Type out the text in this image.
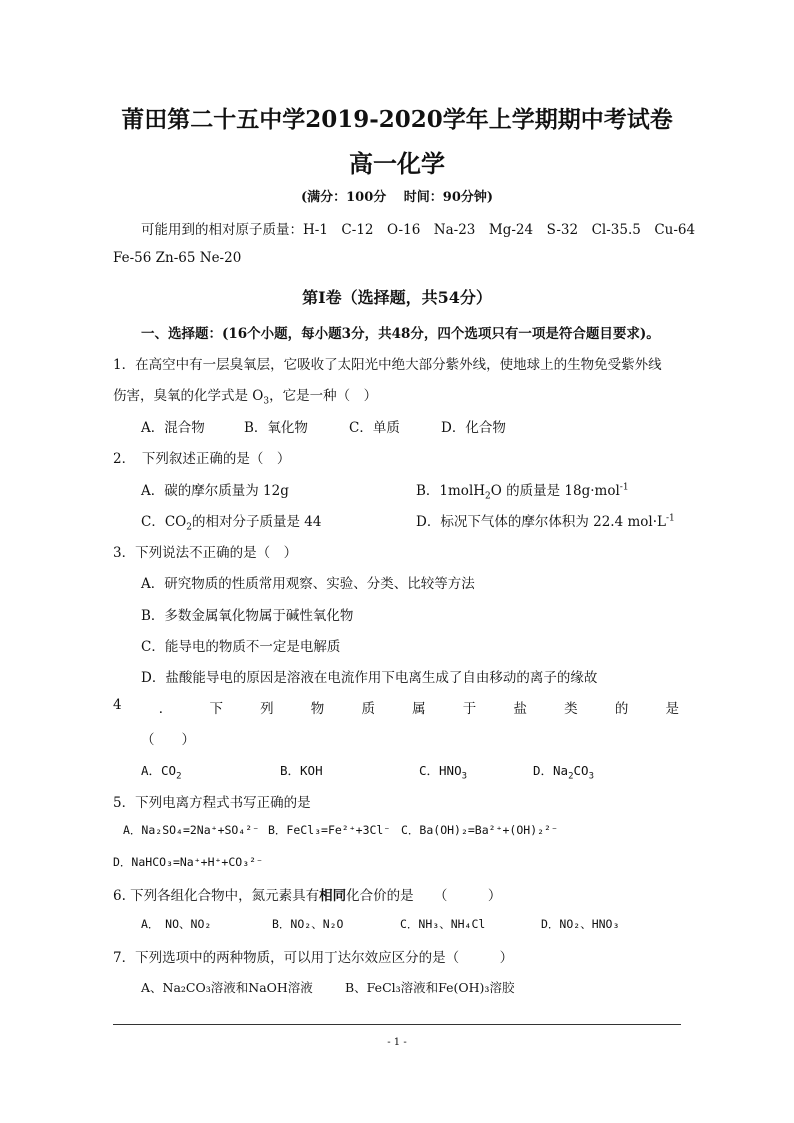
莆田第二十五中学2019-2020学年上学期期中考试卷
高一化学
(满分：100分　 时间：90分钟)
可能用到的相对原子质量：H-1　C-12　O-16　Na-23　Mg-24　S-32　Cl-35.5　Cu-64
Fe-56 Zn-65 Ne-20
第Ⅰ卷（选择题，共54分）
一、选择题：(16个小题，每小题3分，共48分，四个选项只有一项是符合题目要求)。
1．在高空中有一层臭氧层，它吸收了太阳光中绝大部分紫外线，使地球上的生物免受紫外线
伤害，臭氧的化学式是 $O_3$，它是一种（　）
A．混合物	B．氧化物	C．单质	D．化合物
2．　下列叙述正确的是（　）
A．碳的摩尔质量为 12g	B．1molH$_2$O 的质量是 18g·mol$^{-1}$
C．$CO_2$的相对分子质量是 44	D．标况下气体的摩尔体积为 22.4 $mol\cdot L^{-1}$
3．下列说法不正确的是（　）
A．研究物质的性质常用观察、实验、分类、比较等方法
B．多数金属氧化物属于碱性氧化物
C．能导电的物质不一定是电解质
D．盐酸能导电的原因是溶液在电流作用下电离生成了自由移动的离子的缘故
4	．	下	列	物	质	属	于	盐	类	的	是
（　　）
A．$CO_2$	B．KOH	C．$HNO_3$	D．$Na_2CO_3$
5．下列电离方程式书写正确的是
A．Na₂SO₄=2Na⁺+SO₄²⁻ B．FeCl₃=Fe²⁺+3Cl⁻ C．Ba(OH)₂=Ba²⁺+(OH)₂²⁻
D．NaHCO₃=Na⁺+H⁺+CO₃²⁻
6. 下列各组化合物中，氮元素具有相同化合价的是　　（　　　）
A．　NO、NO₂	B．NO₂、N₂O	C．NH₃、NH₄Cl	D．NO₂、HNO₃
7．下列选项中的两种物质，可以用丁达尔效应区分的是（　　　）
A、Na₂CO₃溶液和NaOH溶液	B、FeCl₃溶液和Fe(OH)₃溶胶
- 1 -
